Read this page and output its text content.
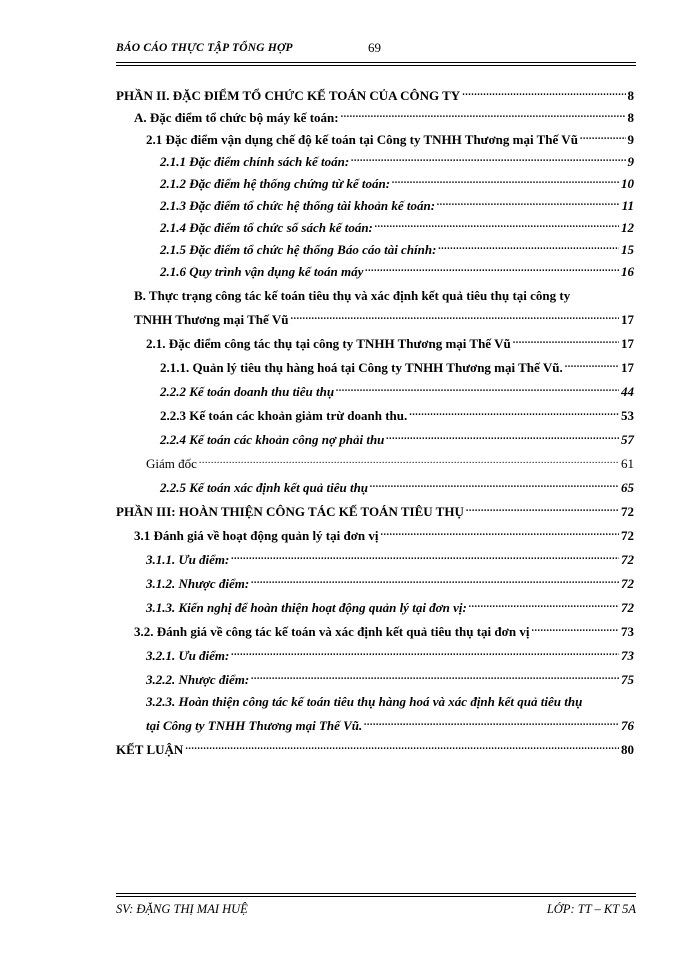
BÁO CÁO THỰC TẬP TỔNG HỢP	69
PHẦN II. ĐẶC ĐIỂM TỔ CHỨC KẾ TOÁN CỦA CÔNG TY .....	8
A. Đặc điểm tổ chức bộ máy kế toán: .....	8
2.1 Đặc điểm vận dụng chế độ kế toán tại Công ty TNHH Thương mại Thế Vũ .....	9
2.1.1 Đặc điểm chính sách kế toán: .....	9
2.1.2 Đặc điểm hệ thống chứng từ kế toán: .....	10
2.1.3 Đặc điểm tổ chức hệ thống tài khoản kế toán: .....	11
2.1.4 Đặc điểm tổ chức sổ sách kế toán: .....	12
2.1.5 Đặc điểm tổ chức hệ thống Báo cáo tài chính: .....	15
2.1.6 Quy trình vận dụng kế toán máy .....	16
B. Thực trạng công tác kế toán tiêu thụ và xác định kết quả tiêu thụ tại công ty
TNHH Thương mại Thế Vũ .....	17
2.1. Đặc điểm công tác thụ tại công ty TNHH Thương mại Thế Vũ .....	17
2.1.1. Quản lý tiêu thụ hàng hoá tại Công ty TNHH Thương mại Thế Vũ. .....	17
2.2.2 Kế toán doanh thu tiêu thụ .....	44
2.2.3 Kế toán các khoản giảm trừ doanh thu. .....	53
2.2.4 Kế toán các khoản công nợ phải thu .....	57
Giám đốc .....	61
2.2.5 Kế toán xác định kết quả tiêu thụ .....	65
PHẦN III: HOÀN THIỆN CÔNG TÁC KẾ TOÁN TIÊU THỤ .....	72
3.1 Đánh giá về hoạt động quản lý tại đơn vị .....	72
3.1.1. Ưu điểm: .....	72
3.1.2. Nhược điểm: .....	72
3.1.3. Kiến nghị để hoàn thiện hoạt động quản lý tại đơn vị: .....	72
3.2. Đánh giá về công tác kế toán và xác định kết quả tiêu thụ tại đơn vị .....	73
3.2.1. Ưu điểm: .....	73
3.2.2. Nhược điểm: .....	75
3.2.3. Hoàn thiện công tác kế toán tiêu thụ hàng hoá và xác định kết quả tiêu thụ
tại Công ty TNHH Thương mại Thế Vũ. .....	76
KẾT LUẬN .....	80
SV: ĐẶNG THỊ MAI HUỆ	LỚP: TT – KT 5A
